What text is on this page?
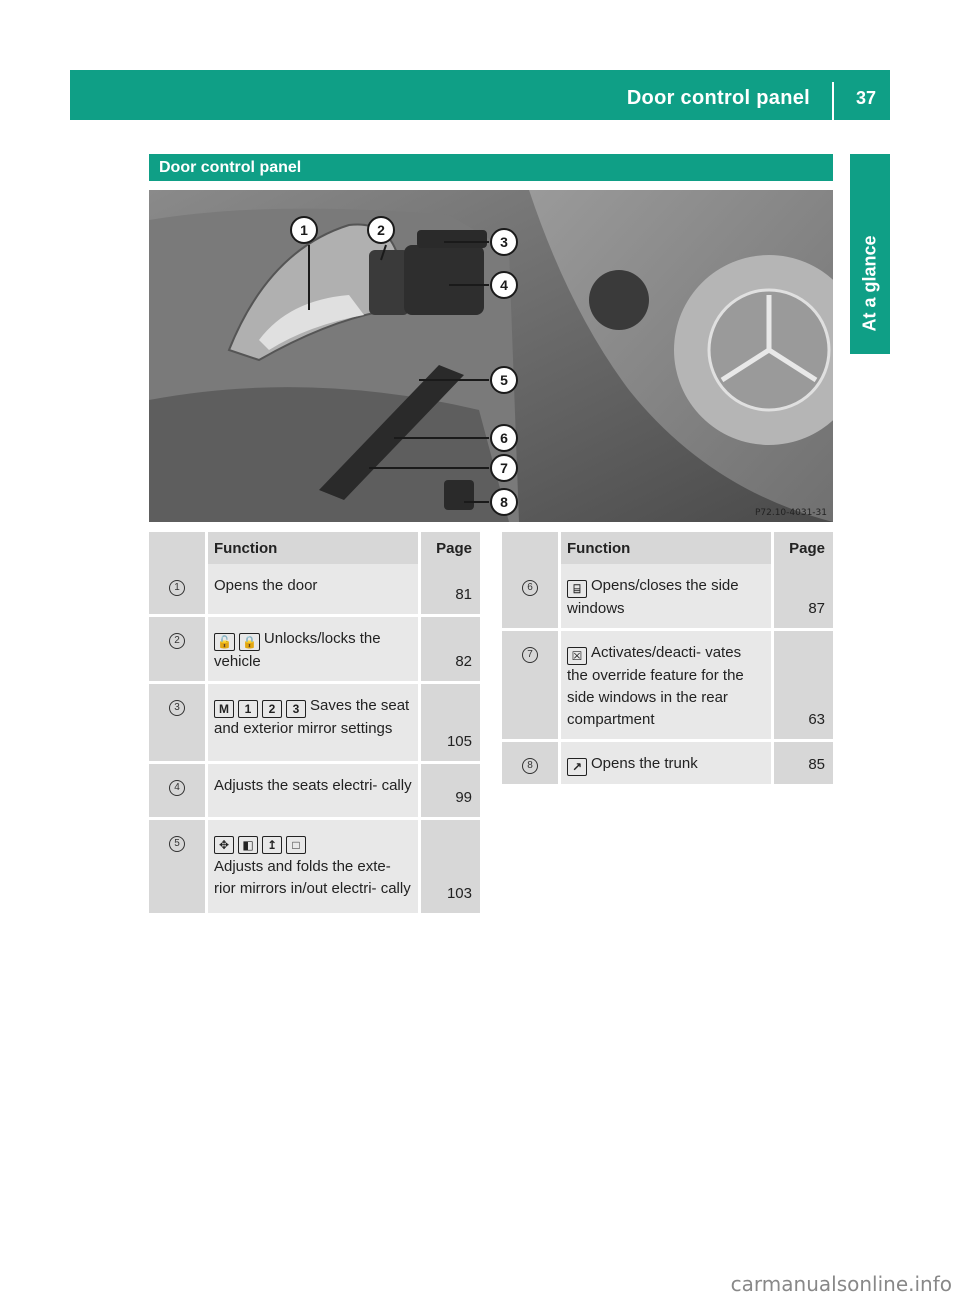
Door control panel	37
At a glance
Door control panel
1	2
3
4
5
6
7
8
P72.10-4031-31
	Function	Page
1	Opens the door	81
2	🔓 🔒 Unlocks/locks the vehicle	82
3	M 1 2 3 Saves the seat and exterior mirror settings	105
4	Adjusts the seats electri- cally	99
5	✥ ◧ ↥ □
Adjusts and folds the exte- rior mirrors in/out electri- cally	103
	Function	Page
6	⌸ Opens/closes the side windows	87
7	☒ Activates/deacti- vates the override feature for the side windows in the rear compartment	63
8	↗ Opens the trunk	85
carmanualsonline.info
